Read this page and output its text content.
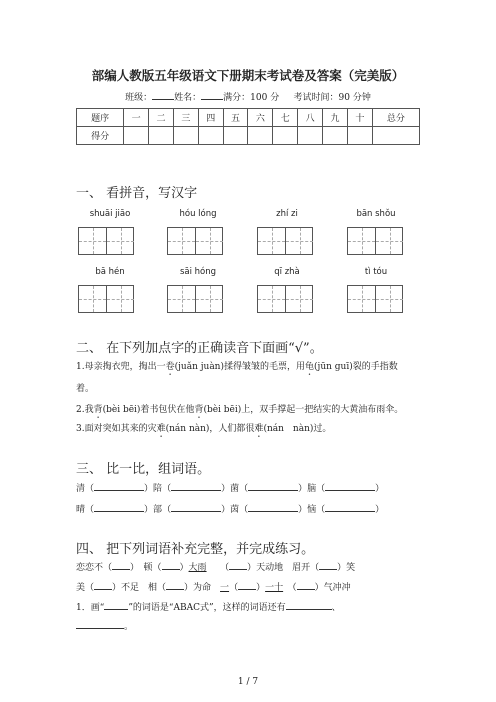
部编人教版五年级语文下册期末考试卷及答案（完美版）
班级： 姓名： 满分：100 分 考试时间：90 分钟
题序	一	二	三	四	五	六	七	八	九	十	总分
得分											
一、 看拼音，写汉字
shuāi jiāo	hóu lóng	zhí zi	bān shǒu
bā hén	sāi hóng	qī zhà	tì tóu
二、 在下列加点字的正确读音下面画“√”。
1.母亲掏衣兜，掏出一卷(juǎn juàn)揉得皱皱的毛票，用龟(jūn guī)裂的手指数
着。
2.我背(bèi bēi)着书包伏在他背(bèi bēi)上，双手撑起一把结实的大黄油布雨伞。
3.面对突如其来的灾难(nán nàn)，人们都很难(nán　nàn)过。
三、 比一比，组词语。
清（	）陪（	）菌（	）脑（	）
晴（	）部（	）茵（	）恼（	）
四、 把下列词语补充完整，并完成练习。
恋恋不（ ）　顿（ ）大雨　　 （ ）天动地　眉开（ ）笑
美（ ）不足　相（ ）为命　一（ ）一十　 （ ）气冲冲
1．画“	”的词语是“ABAC式”，这样的词语还有	、
。
1 / 7
